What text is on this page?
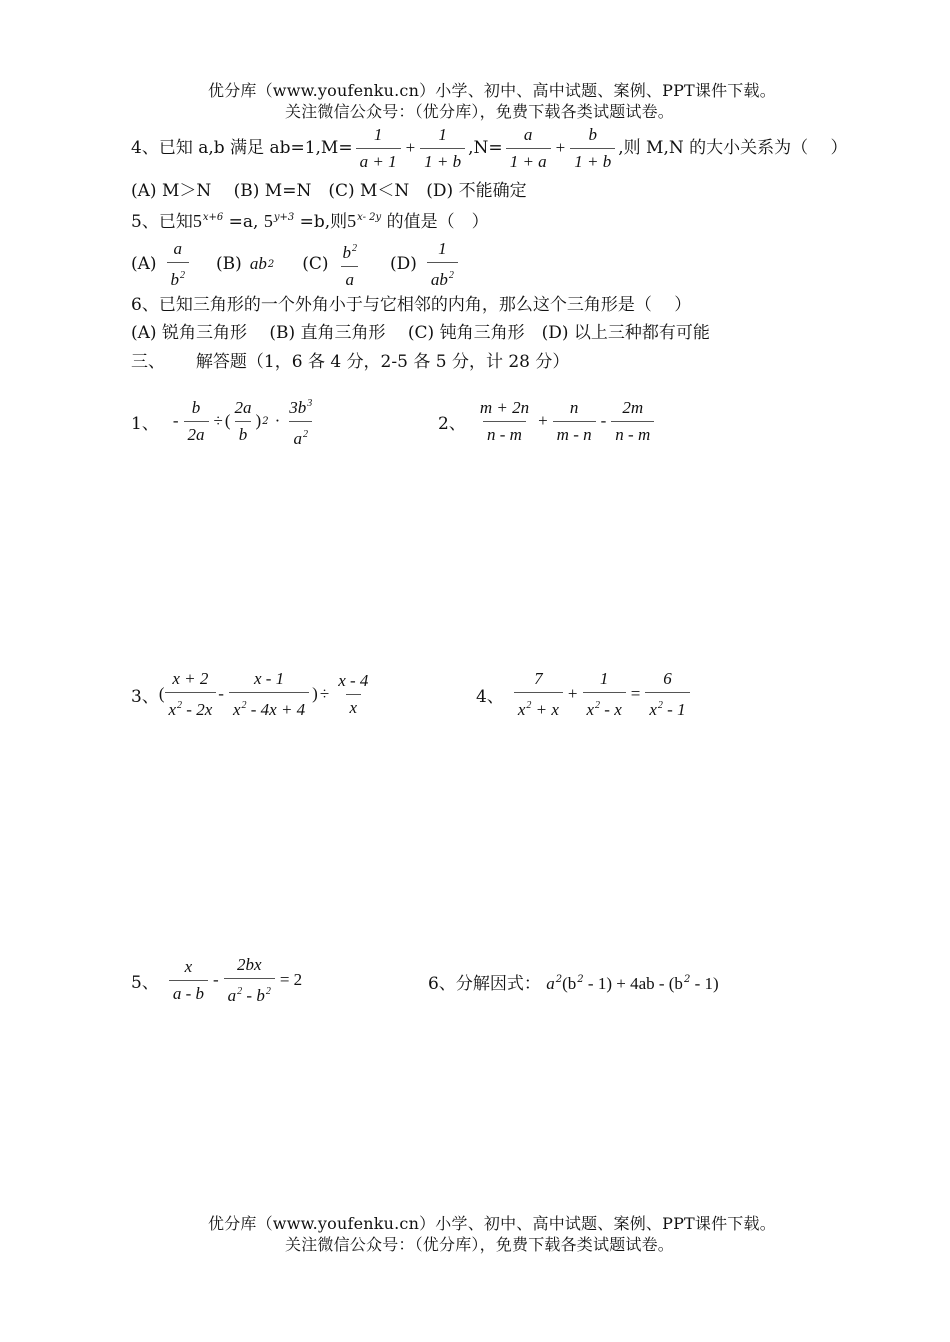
优分库（www.youfenku.cn）小学、初中、高中试题、案例、PPT课件下载。
关注微信公众号：（优分库），免费下载各类试题试卷。
4、已知 a,b 满足 $ab=1,M= \frac{1}{a + 1} + \frac{1}{1 + b} ,N= \frac{a}{1 + a} + \frac{b}{1 + b}$ ,则 M,N 的大小关系为（　 ）
(A) M＞N　 (B) M=N　(C) M＜N　(D) 不能确定
5、已知$5^{x+6} =a$, $5^{y+3} =b$,则$5^{x- 2y}$ 的值是（　）
$(A) \frac{a}{b^2} (B)$ ab 2 $(C) \frac{b^2}{a} (D) \frac{1}{ab^2}$
6、已知三角形的一个外角小于与它相邻的内角，那么这个三角形是（　 ）
(A) 锐角三角形　 (B) 直角三角形　 (C) 钝角三角形　(D) 以上三种都有可能
三、　　 解答题（1，6 各 4 分，2-5 各 5 分，计 28 分）
1、 - $\frac{b}{2a}$ ÷ ( $\frac{2a}{b}$ ) $2 \cdot \frac{3b^3}{a^2}$	2、 $\frac{m + 2n}{n - m} + \frac{n}{m - n} - \frac{2m}{n - m}$
3、 ( $\frac{x + 2}{x^2 - 2x} - \frac{x - 1}{x^2 - 4x + 4}$ ) ÷ $\frac{x - 4}{x}$	4、 $\frac{7}{x^2 + x} + \frac{1}{x^2 - x} = \frac{6}{x^2 - 1}$
5、 $\frac{x}{a - b} - \frac{2bx}{a^2 - b^2} = 2$	6、分解因式： $a^2(b^2 - 1) + 4ab - (b^2 - 1)$
优分库（www.youfenku.cn）小学、初中、高中试题、案例、PPT课件下载。
关注微信公众号：（优分库），免费下载各类试题试卷。
